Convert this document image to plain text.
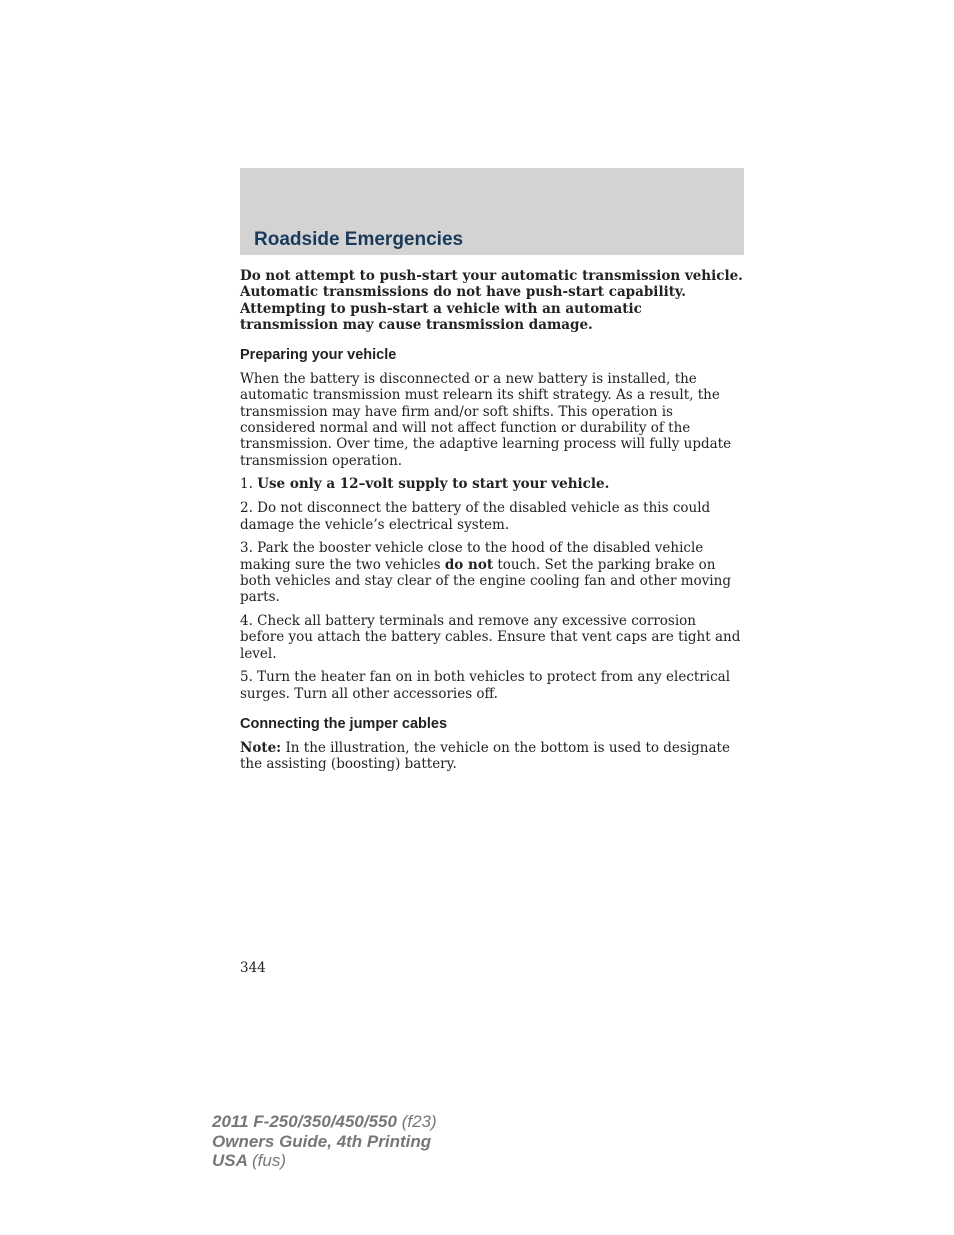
Roadside Emergencies

Do not attempt to push-start your automatic transmission vehicle. Automatic transmissions do not have push-start capability. Attempting to push-start a vehicle with an automatic transmission may cause transmission damage.

Preparing your vehicle

When the battery is disconnected or a new battery is installed, the automatic transmission must relearn its shift strategy. As a result, the transmission may have firm and/or soft shifts. This operation is considered normal and will not affect function or durability of the transmission. Over time, the adaptive learning process will fully update transmission operation.

1. Use only a 12–volt supply to start your vehicle.

2. Do not disconnect the battery of the disabled vehicle as this could damage the vehicle’s electrical system.

3. Park the booster vehicle close to the hood of the disabled vehicle making sure the two vehicles do not touch. Set the parking brake on both vehicles and stay clear of the engine cooling fan and other moving parts.

4. Check all battery terminals and remove any excessive corrosion before you attach the battery cables. Ensure that vent caps are tight and level.

5. Turn the heater fan on in both vehicles to protect from any electrical surges. Turn all other accessories off.

Connecting the jumper cables

Note: In the illustration, the vehicle on the bottom is used to designate the assisting (boosting) battery.

344
2011 F-250/350/450/550 (f23)
Owners Guide, 4th Printing
USA (fus)
